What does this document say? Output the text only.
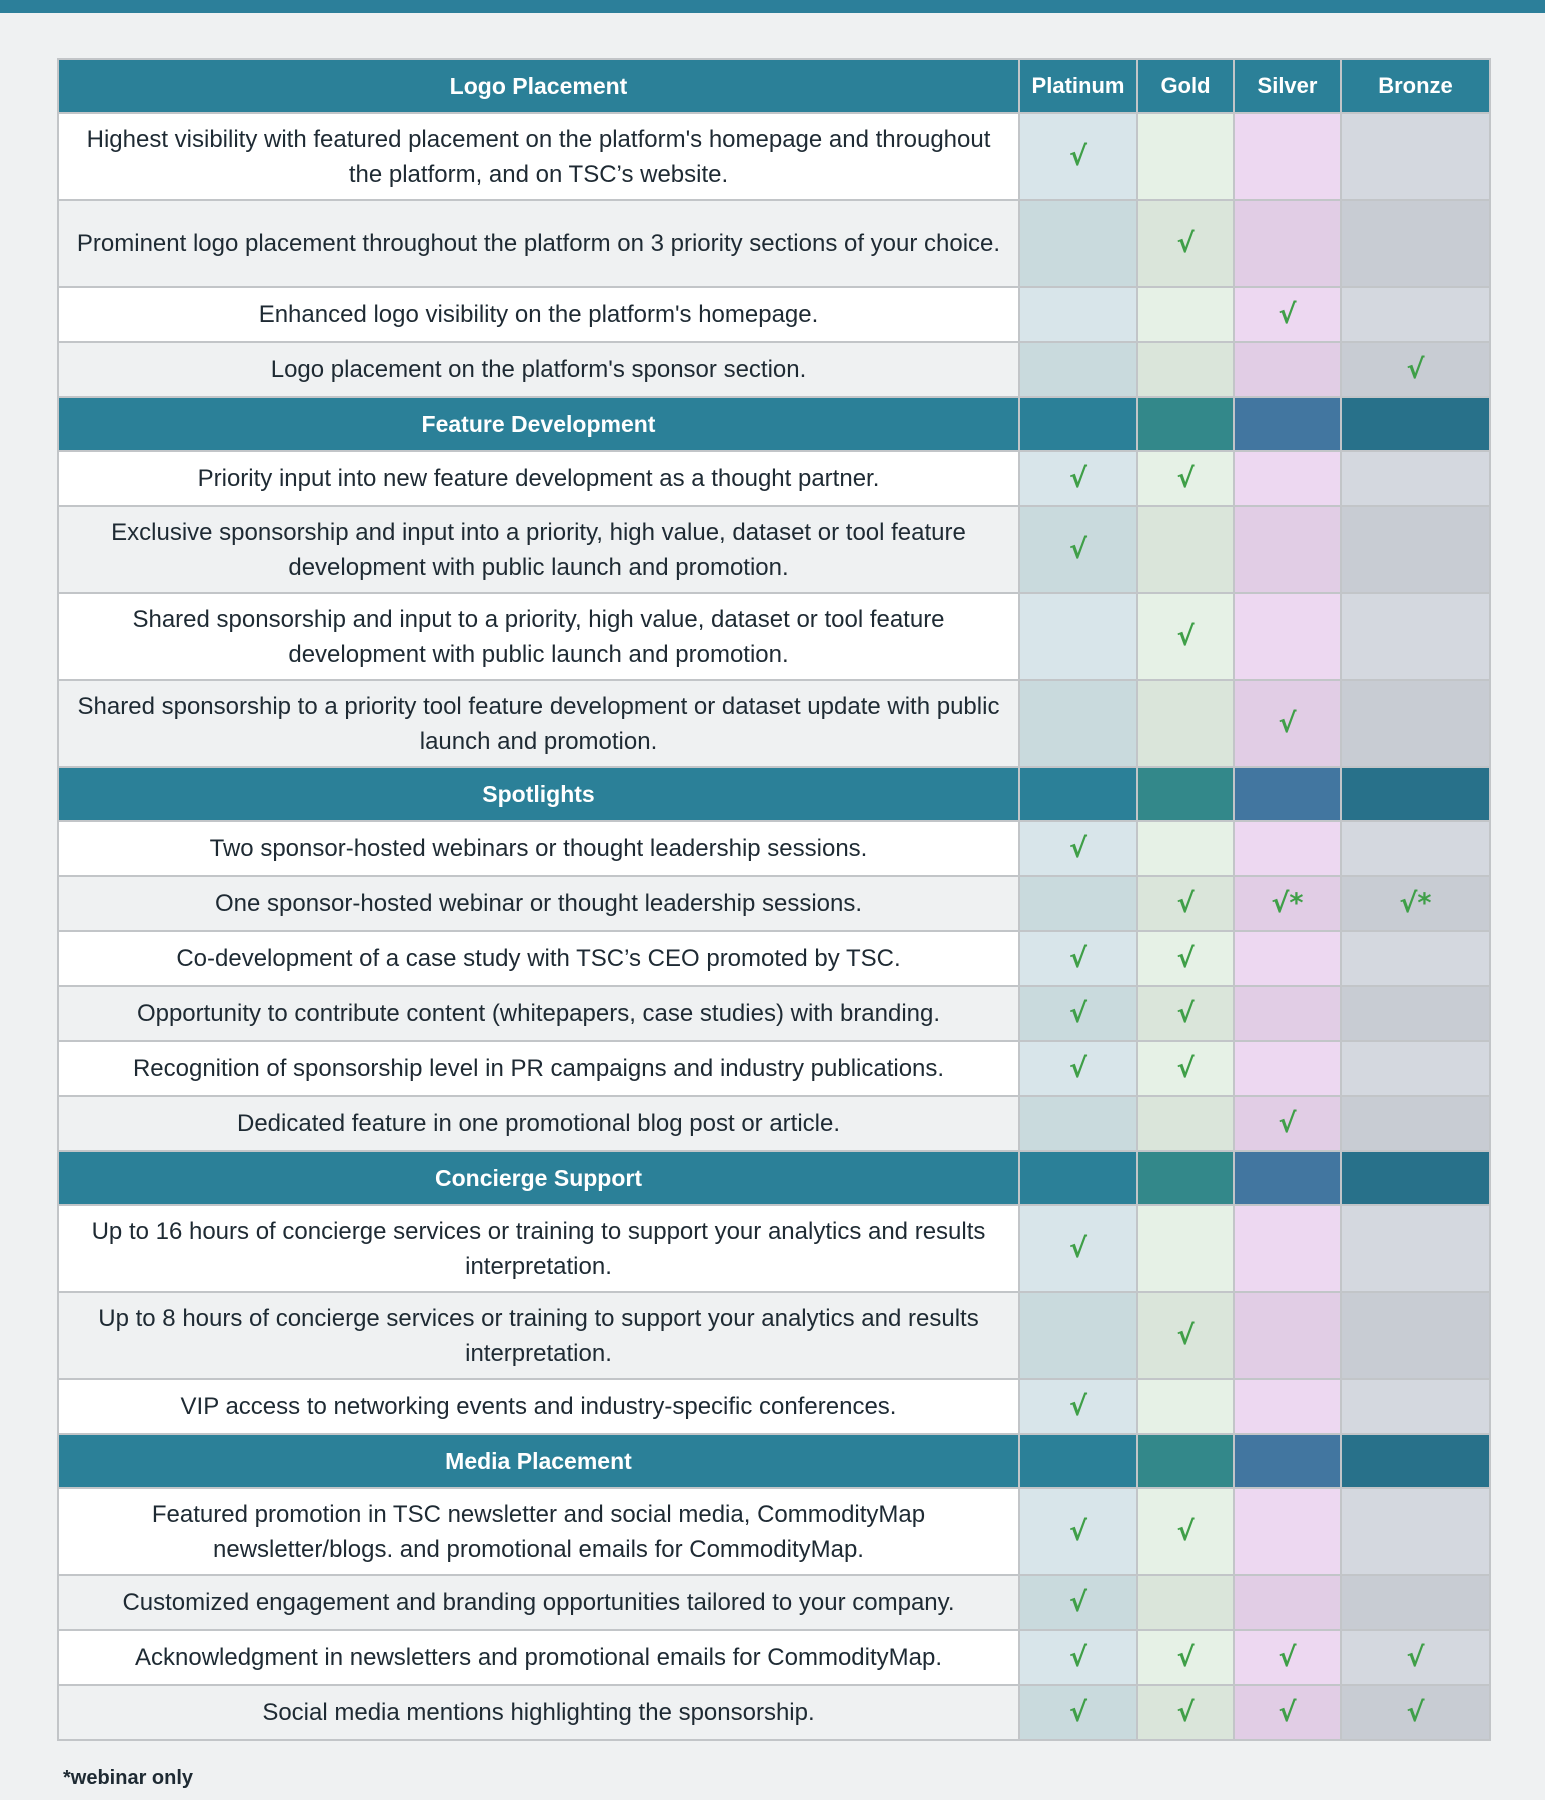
Logo Placement	Platinum	Gold	Silver	Bronze
Highest visibility with featured placement on the platform's homepage and throughout the platform, and on TSC’s website.	√			
Prominent logo placement throughout the platform on 3 priority sections of your choice.		√		
Enhanced logo visibility on the platform's homepage.			√	
Logo placement on the platform's sponsor section.				√
Feature Development				
Priority input into new feature development as a thought partner.	√	√		
Exclusive sponsorship and input into a priority, high value, dataset or tool feature development with public launch and promotion.	√			
Shared sponsorship and input to a priority, high value, dataset or tool feature development with public launch and promotion.		√		
Shared sponsorship to a priority tool feature development or dataset update with public launch and promotion.			√	
Spotlights				
Two sponsor-hosted webinars or thought leadership sessions.	√			
One sponsor-hosted webinar or thought leadership sessions.		√	√*	√*
Co-development of a case study with TSC’s CEO promoted by TSC.	√	√		
Opportunity to contribute content (whitepapers, case studies) with branding.	√	√		
Recognition of sponsorship level in PR campaigns and industry publications.	√	√		
Dedicated feature in one promotional blog post or article.			√	
Concierge Support				
Up to 16 hours of concierge services or training to support your analytics and results interpretation.	√			
Up to 8 hours of concierge services or training to support your analytics and results interpretation.		√		
VIP access to networking events and industry-specific conferences.	√			
Media Placement				
Featured promotion in TSC newsletter and social media, CommodityMap newsletter/blogs. and promotional emails for CommodityMap.	√	√		
Customized engagement and branding opportunities tailored to your company.	√			
Acknowledgment in newsletters and promotional emails for CommodityMap.	√	√	√	√
Social media mentions highlighting the sponsorship.	√	√	√	√
*webinar only
